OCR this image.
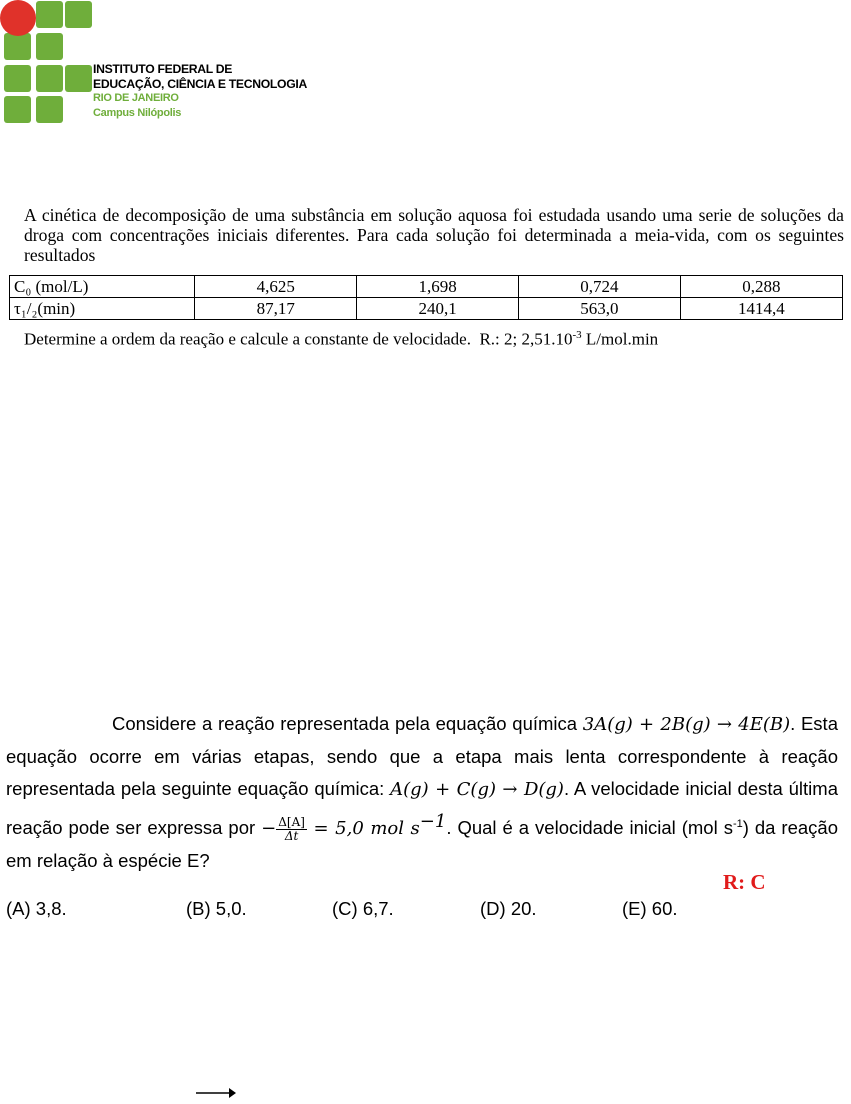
INSTITUTO FEDERAL DE
EDUCAÇÃO, CIÊNCIA E TECNOLOGIA
RIO DE JANEIRO
Campus Nilópolis
A cinética de decomposição de uma substância em solução aquosa foi estudada usando uma serie de soluções da droga com concentrações iniciais diferentes. Para cada solução foi determinada a meia-vida, com os seguintes resultados
C₀ (mol/L)	4,625	1,698	0,724	0,288
τ₁/₂(min)	87,17	240,1	563,0	1414,4
Determine a ordem da reação e calcule a constante de velocidade. R.: 2; $2,51.10^{-3}$ L/mol.min
Considere a reação representada pela equação química 3A(g) + 2B(g) → 4E(B). Esta equação ocorre em várias etapas, sendo que a etapa mais lenta correspondente à reação representada pela seguinte equação química: A(g) + C(g) → D(g). A velocidade inicial desta última reação pode ser expressa por − $\frac{\Delta[A]}{\Delta t} = 5,0$ mol $s^{-1}$. Qual é a velocidade inicial (mol $s^{-1}$) da reação em relação à espécie E?
R: C
(A) 3,8.	(B) 5,0.	(C) 6,7.	(D) 20.	(E) 60.
